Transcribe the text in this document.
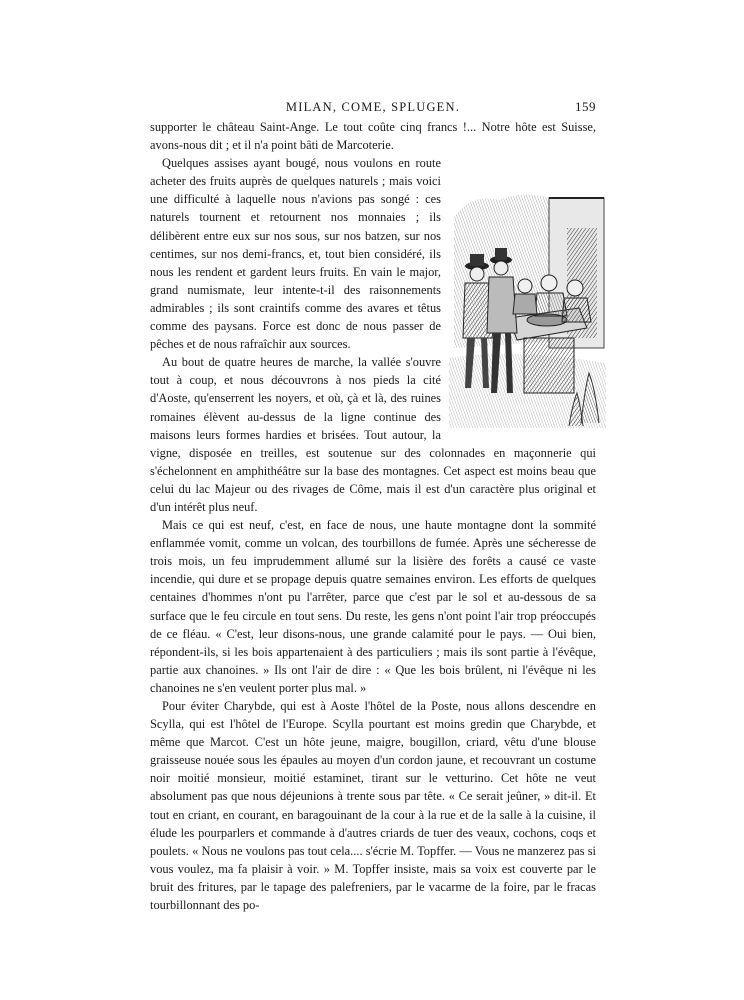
MILAN, COME, SPLUGEN.	159

supporter le château Saint-Ange. Le tout coûte cinq francs !... Notre hôte est Suisse, avons-nous dit ; et il n'a point bâti de Marcoterie.

Quelques assises ayant bougé, nous voulons en route acheter des fruits auprès de quelques naturels ; mais voici une difficulté à laquelle nous n'avions pas songé : ces naturels tournent et retournent nos monnaies ; ils délibèrent entre eux sur nos sous, sur nos batzen, sur nos centimes, sur nos demi-francs, et, tout bien considéré, ils nous les rendent et gardent leurs fruits. En vain le major, grand numismate, leur intente-t-il des raisonnements admirables ; ils sont craintifs comme des avares et têtus comme des paysans. Force est donc de nous passer de pêches et de nous rafraîchir aux sources.

Au bout de quatre heures de marche, la vallée s'ouvre tout à coup, et nous découvrons à nos pieds la cité d'Aoste, qu'enserrent les noyers, et où, çà et là, des ruines romaines élèvent au-dessus de la ligne continue des maisons leurs formes hardies et brisées. Tout autour, la vigne, disposée en treilles, est soutenue sur des colonnades en maçonnerie qui s'échelonnent en amphithéâtre sur la base des montagnes. Cet aspect est moins beau que celui du lac Majeur ou des rivages de Côme, mais il est d'un caractère plus original et d'un intérêt plus neuf.

Mais ce qui est neuf, c'est, en face de nous, une haute montagne dont la sommité enflammée vomit, comme un volcan, des tourbillons de fumée. Après une sécheresse de trois mois, un feu imprudemment allumé sur la lisière des forêts a causé ce vaste incendie, qui dure et se propage depuis quatre semaines environ. Les efforts de quelques centaines d'hommes n'ont pu l'arrêter, parce que c'est par le sol et au-dessous de sa surface que le feu circule en tout sens. Du reste, les gens n'ont point l'air trop préoccupés de ce fléau. « C'est, leur disons-nous, une grande calamité pour le pays. — Oui bien, répondent-ils, si les bois appartenaient à des particuliers ; mais ils sont partie à l'évêque, partie aux chanoines. » Ils ont l'air de dire : « Que les bois brûlent, ni l'évêque ni les chanoines ne s'en veulent porter plus mal. »

Pour éviter Charybde, qui est à Aoste l'hôtel de la Poste, nous allons descendre en Scylla, qui est l'hôtel de l'Europe. Scylla pourtant est moins gredin que Charybde, et même que Marcot. C'est un hôte jeune, maigre, bougillon, criard, vêtu d'une blouse graisseuse nouée sous les épaules au moyen d'un cordon jaune, et recouvrant un costume noir moitié monsieur, moitié estaminet, tirant sur le vetturino. Cet hôte ne veut absolument pas que nous déjeunions à trente sous par tête. « Ce serait jeûner, » dit-il. Et tout en criant, en courant, en baragouinant de la cour à la rue et de la salle à la cuisine, il élude les pourparlers et commande à d'autres criards de tuer des veaux, cochons, coqs et poulets. « Nous ne voulons pas tout cela.... s'écrie M. Topffer. — Vous ne manzerez pas si vous voulez, ma fa plaisir à voir. » M. Topffer insiste, mais sa voix est couverte par le bruit des fritures, par le tapage des palefreniers, par le vacarme de la foire, par le fracas tourbillonnant des po-
